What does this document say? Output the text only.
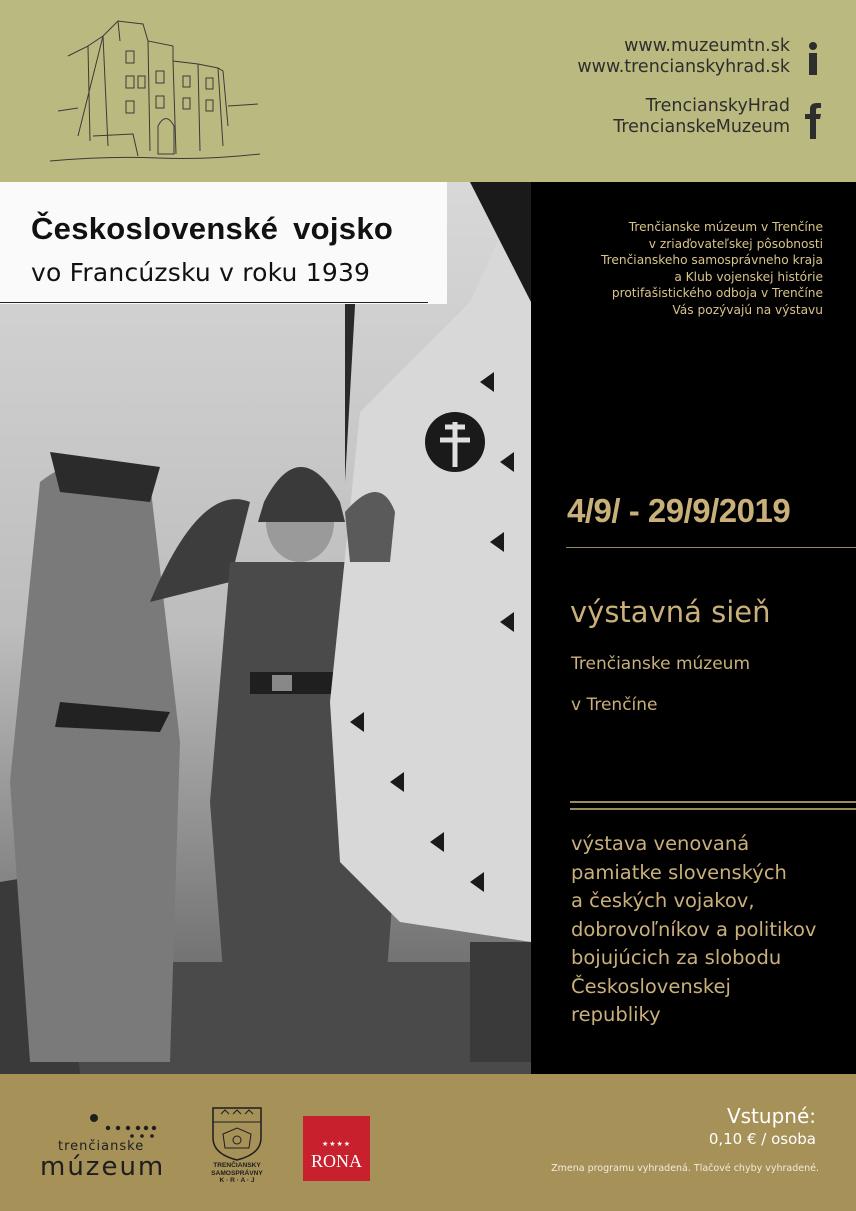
www.muzeumtn.sk
www.trencianskyhrad.sk
TrencianskyHrad
TrencianskeMuzeum
Československé vojsko
vo Francúzsku v roku 1939
Trenčianske múzeum v Trenčíne
v zriaďovateľskej pôsobnosti
Trenčianskeho samosprávneho kraja
a Klub vojenskej histórie
protifašistického odboja v Trenčíne
Vás pozývajú na výstavu
4/9/ - 29/9/2019
výstavná sieň
Trenčianske múzeum
v Trenčíne
výstava venovaná
pamiatke slovenských
a českých vojakov,
dobrovoľníkov a politikov
bojujúcich za slobodu
Československej
republiky
trenčianske
múzeum	TRENČIANSKY
SAMOSPRÁVNY
K · R · A · J
★★★★
RONA
Vstupné:
0,10 € / osoba
Zmena programu vyhradená. Tlačové chyby vyhradené.
